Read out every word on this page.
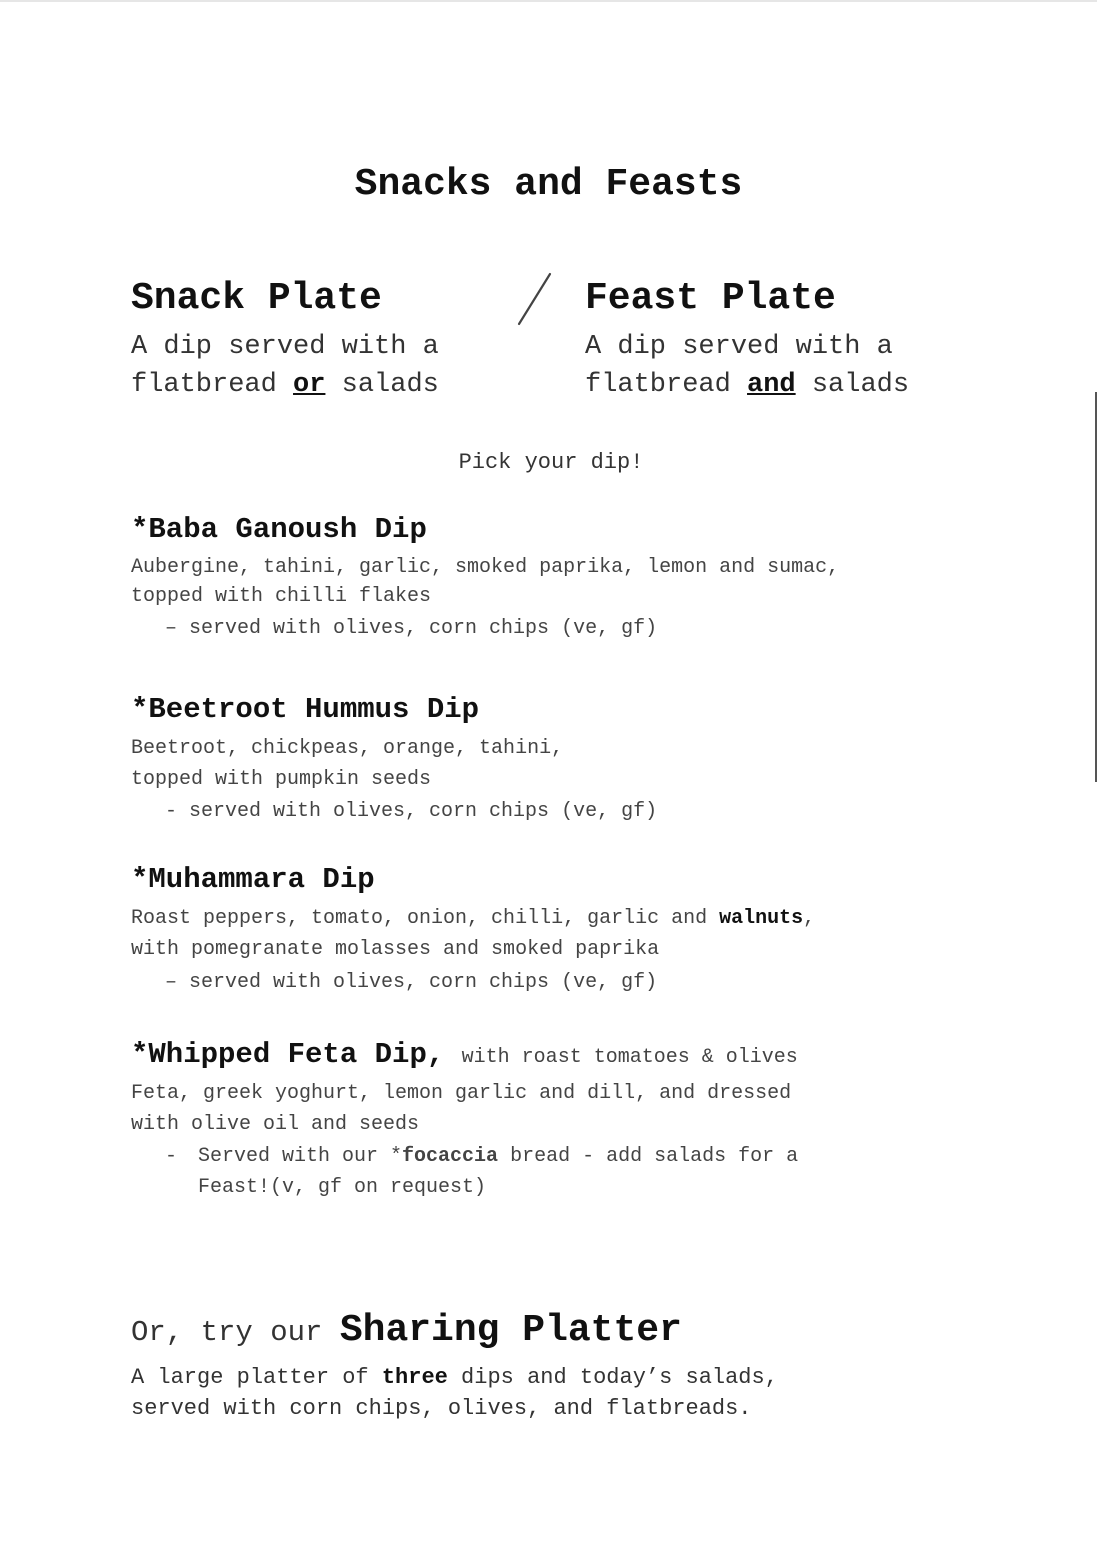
Snacks and Feasts
Snack Plate
A dip served with a
flatbread or salads
Feast Plate
A dip served with a
flatbread and salads
Pick your dip!
*Baba Ganoush Dip
Aubergine, tahini, garlic, smoked paprika, lemon and sumac,
topped with chilli flakes
– served with olives, corn chips (ve, gf)
*Beetroot Hummus Dip
Beetroot, chickpeas, orange, tahini,
topped with pumpkin seeds
- served with olives, corn chips (ve, gf)
*Muhammara Dip
Roast peppers, tomato, onion, chilli, garlic and walnuts,
with pomegranate molasses and smoked paprika
– served with olives, corn chips (ve, gf)
*Whipped Feta Dip, with roast tomatoes & olives
Feta, greek yoghurt, lemon garlic and dill, and dressed
with olive oil and seeds
- Served with our *focaccia bread - add salads for a
Feast!(v, gf on request)
Or, try our Sharing Platter
A large platter of three dips and today’s salads,
served with corn chips, olives, and flatbreads.
